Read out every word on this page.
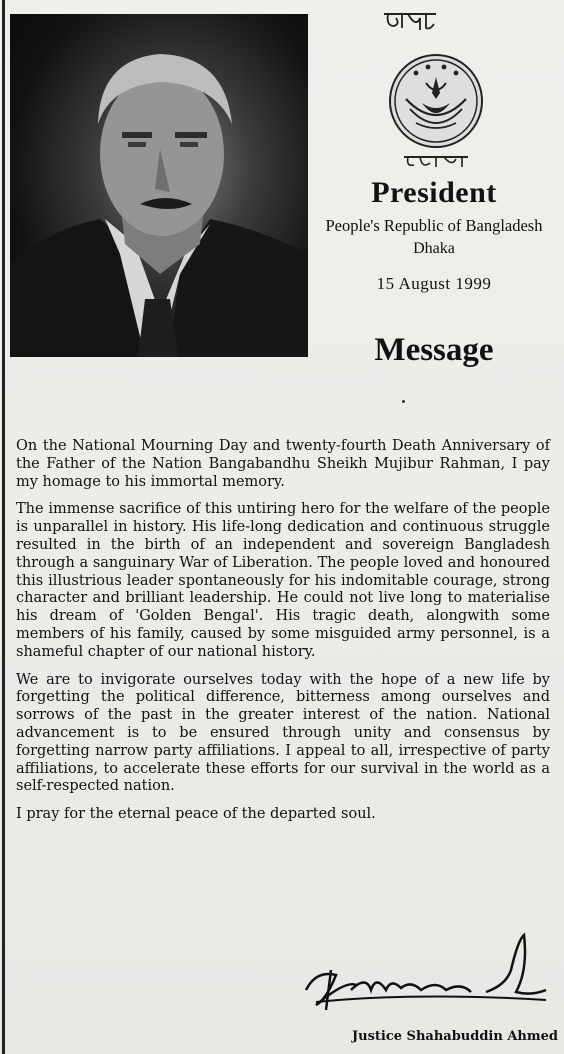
President
People's Republic of Bangladesh
Dhaka
15 August 1999
Message

On the National Mourning Day and twenty-fourth Death Anniversary of the Father of the Nation Bangabandhu Sheikh Mujibur Rahman, I pay my homage to his immortal memory.

The immense sacrifice of this untiring hero for the welfare of the people is unparallel in history. His life-long dedication and continuous struggle resulted in the birth of an independent and sovereign Bangladesh through a sanguinary War of Liberation. The people loved and honoured this illustrious leader spontaneously for his indomitable courage, strong character and brilliant leadership. He could not live long to materialise his dream of 'Golden Bengal'. His tragic death, alongwith some members of his family, caused by some misguided army personnel, is a shameful chapter of our national history.

We are to invigorate ourselves today with the hope of a new life by forgetting the political difference, bitterness among ourselves and sorrows of the past in the greater interest of the nation. National advancement is to be ensured through unity and consensus by forgetting narrow party affiliations. I appeal to all, irrespective of party affiliations, to accelerate these efforts for our survival in the world as a self-respected nation.

I pray for the eternal peace of the departed soul.

Justice Shahabuddin Ahmed
